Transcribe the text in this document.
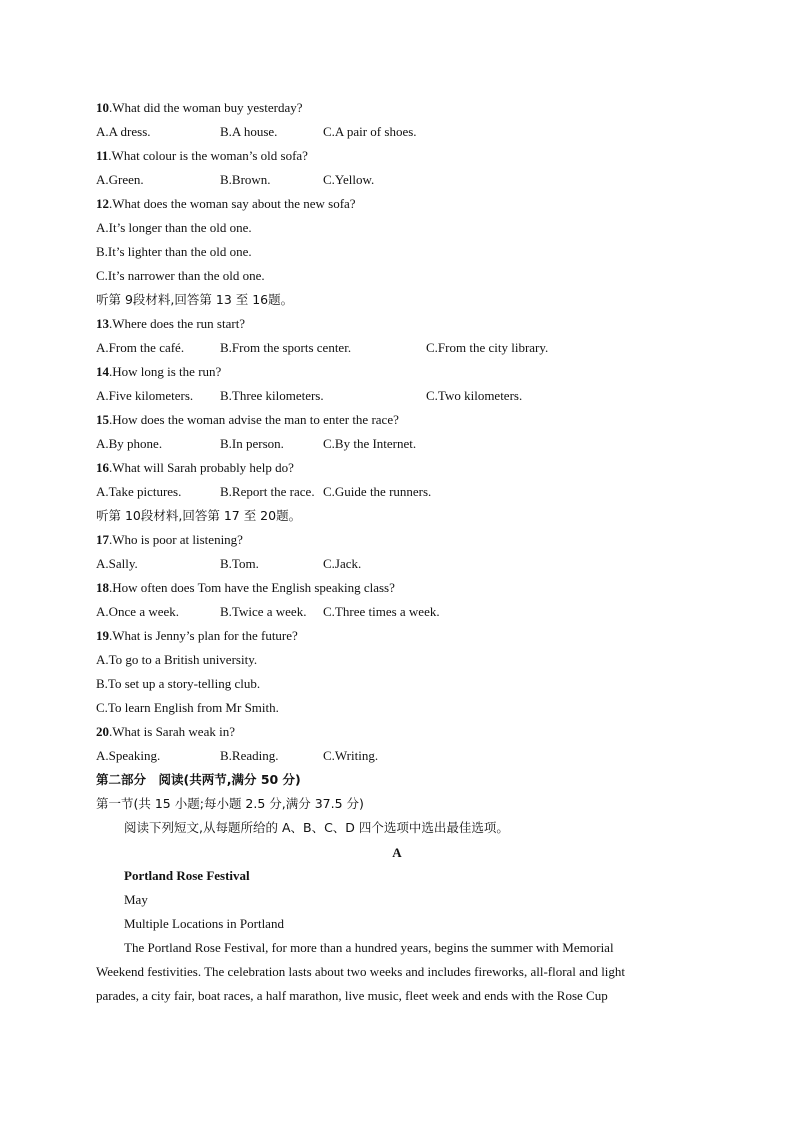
10.What did the woman buy yesterday?
A.A dress.	B.A house.	C.A pair of shoes.
11.What colour is the woman’s old sofa?
A.Green.	B.Brown.	C.Yellow.
12.What does the woman say about the new sofa?
A.It’s longer than the old one.
B.It’s lighter than the old one.
C.It’s narrower than the old one.
听第 9段材料,回答第 13 至 16题。
13.Where does the run start?
A.From the café.	B.From the sports center.	C.From the city library.
14.How long is the run?
A.Five kilometers. B.Three kilometers.	C.Two kilometers.
15.How does the woman advise the man to enter the race?
A.By phone.	B.In person.	C.By the Internet.
16.What will Sarah probably help do?
A.Take pictures.	B.Report the race. C.Guide the runners.
听第 10段材料,回答第 17 至 20题。
17.Who is poor at listening?
A.Sally.	B.Tom.	C.Jack.
18.How often does Tom have the English speaking class?
A.Once a week.	B.Twice a week. C.Three times a week.
19.What is Jenny’s plan for the future?
A.To go to a British university.
B.To set up a story-telling club.
C.To learn English from Mr Smith.
20.What is Sarah weak in?
A.Speaking.	B.Reading.	C.Writing.
第二部分　阅读(共两节,满分 50 分)
第一节(共 15 小题;每小题 2.5 分,满分 37.5 分)
阅读下列短文,从每题所给的 A、B、C、D 四个选项中选出最佳选项。
A
Portland Rose Festival
May
Multiple Locations in Portland
The Portland Rose Festival, for more than a hundred years, begins the summer with Memorial
Weekend festivities. The celebration lasts about two weeks and includes fireworks, all-floral and light
parades, a city fair, boat races, a half marathon, live music, fleet week and ends with the Rose Cup
